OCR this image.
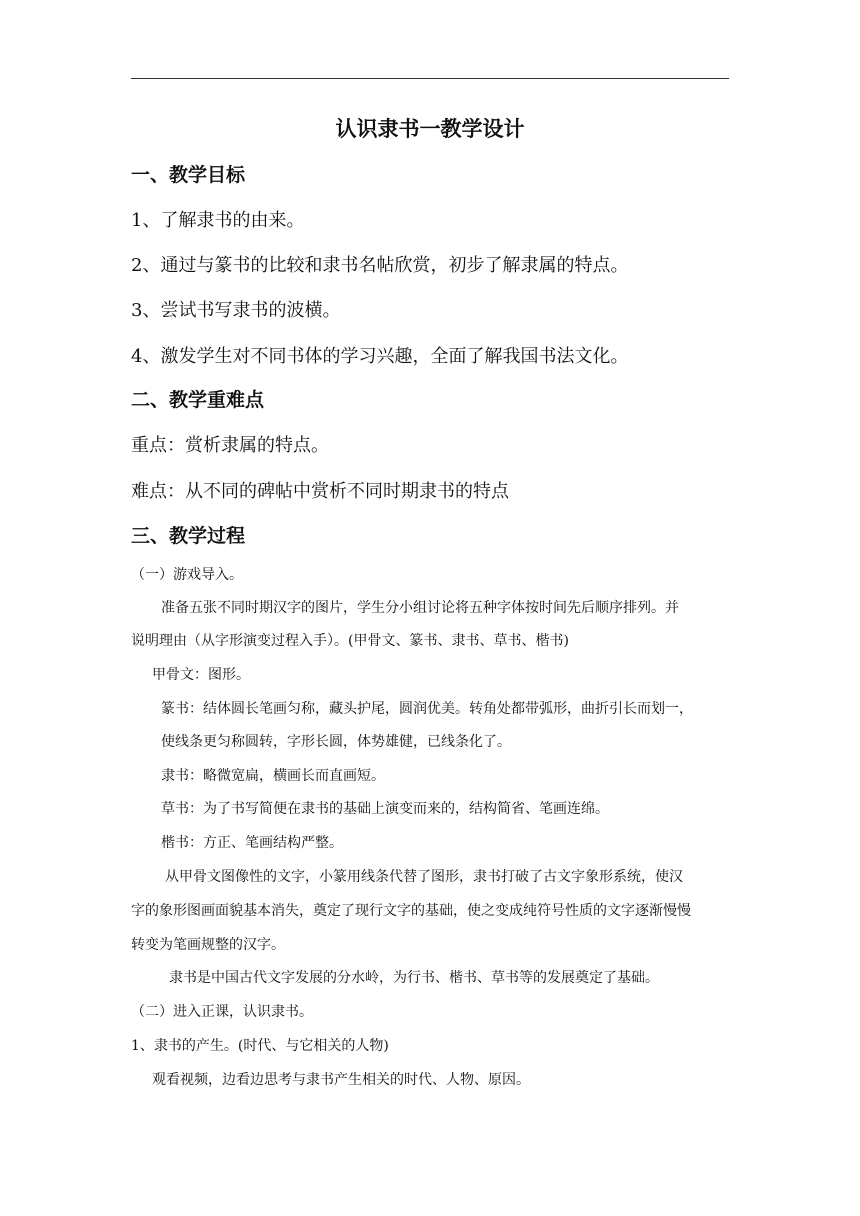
认识隶书一教学设计
一、教学目标
1、了解隶书的由来。
2、通过与篆书的比较和隶书名帖欣赏，初步了解隶属的特点。
3、尝试书写隶书的波横。
4、激发学生对不同书体的学习兴趣，全面了解我国书法文化。
二、教学重难点
重点：赏析隶属的特点。
难点：从不同的碑帖中赏析不同时期隶书的特点
三、教学过程
（一）游戏导入。
准备五张不同时期汉字的图片，学生分小组讨论将五种字体按时间先后顺序排列。并
说明理由（从字形演变过程入手）。(甲骨文、篆书、隶书、草书、楷书)
甲骨文：图形。
篆书：结体圆长笔画匀称，藏头护尾，圆润优美。转角处都带弧形，曲折引长而划一，
使线条更匀称圆转，字形长圆，体势雄健，已线条化了。
隶书：略微宽扁，横画长而直画短。
草书：为了书写简便在隶书的基础上演变而来的，结构简省、笔画连绵。
楷书：方正、笔画结构严整。
从甲骨文图像性的文字，小篆用线条代替了图形，隶书打破了古文字象形系统，使汉
字的象形图画面貌基本消失，奠定了现行文字的基础，使之变成纯符号性质的文字逐渐慢慢
转变为笔画规整的汉字。
隶书是中国古代文字发展的分水岭，为行书、楷书、草书等的发展奠定了基础。
（二）进入正课，认识隶书。
1、隶书的产生。(时代、与它相关的人物)
观看视频，边看边思考与隶书产生相关的时代、人物、原因。
